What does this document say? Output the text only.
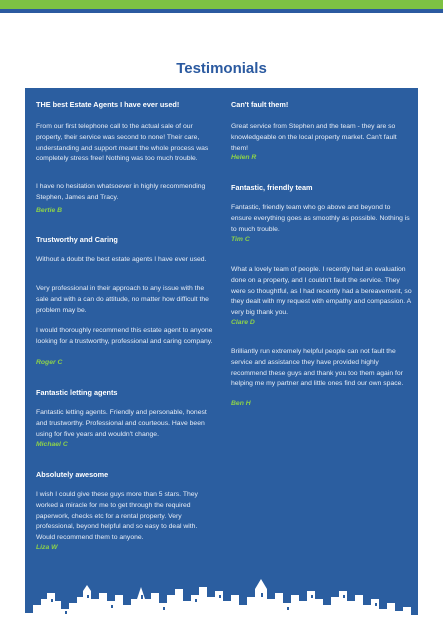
Testimonials
THE best Estate Agents I have ever used!
From our first telephone call to the actual sale of our property, their service was second to none! Their care, understanding and support meant the whole process was completely stress free! Nothing was too much trouble.
I have no hesitation whatsoever in highly recommending Stephen, James and Tracy.
Bertie B
Trustworthy and Caring
Without a doubt the best estate agents I have ever used.
Very professional in their approach to any issue with the sale and with a can do attitude, no matter how difficult the problem may be.
I would thoroughly recommend this estate agent to anyone looking for a trustworthy, professional and caring company.
Roger C
Fantastic letting agents
Fantastic letting agents. Friendly and personable, honest and trustworthy. Professional and courteous. Have been using for five years and wouldn't change.
Michael C
Absolutely awesome
I wish I could give these guys more than 5 stars. They worked a miracle for me to get through the required paperwork, checks etc for a rental property. Very professional, beyond helpful and so easy to deal with. Would recommend them to anyone.
Liza W
Can't fault them!
Great service from Stephen and the team - they are so knowledgeable on the local property market. Can't fault them!
Helen R
Fantastic, friendly team
Fantastic, friendly team who go above and beyond to ensure everything goes as smoothly as possible. Nothing is to much trouble.
Tim C
What a lovely team of people. I recently had an evaluation done on a property, and I couldn't fault the service. They were so thoughtful, as I had recently had a bereavement, so they dealt with my request with empathy and compassion. A very big thank you.
Clare D
Brilliantly run extremely helpful people can not fault the service and assistance they have provided highly recommend these guys and thank you too them again for helping me my partner and little ones find our own space.
Ben H
